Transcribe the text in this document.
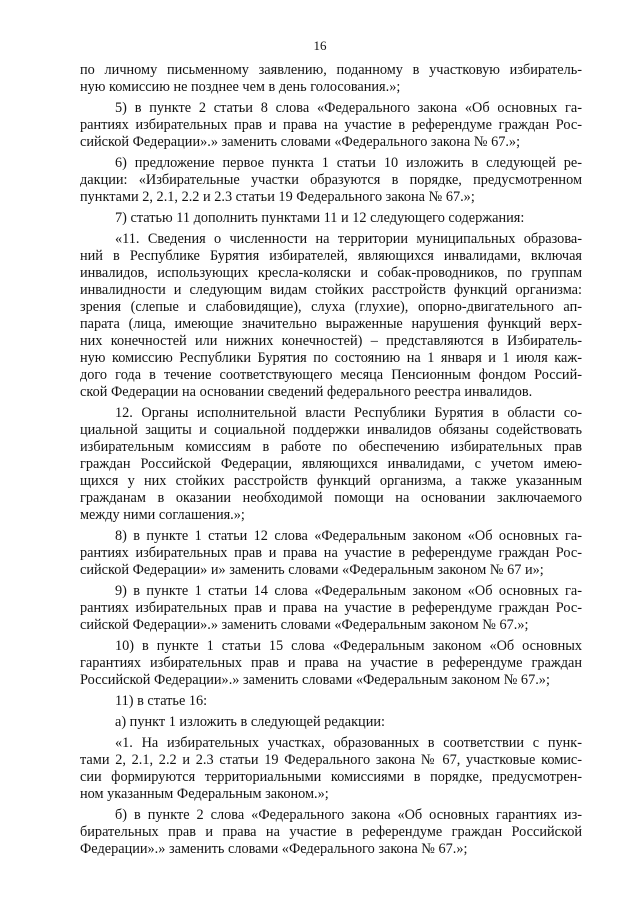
16
по личному письменному заявлению, поданному в участковую избиратель-
ную комиссию не позднее чем в день голосования.»;
5) в пункте 2 статьи 8 слова «Федерального закона «Об основных га-
рантиях избирательных прав и права на участие в референдуме граждан Рос-
сийской Федерации».» заменить словами «Федерального закона № 67.»;
6) предложение первое пункта 1 статьи 10 изложить в следующей ре-
дакции: «Избирательные участки образуются в порядке, предусмотренном
пунктами 2, 2.1, 2.2 и 2.3 статьи 19 Федерального закона № 67.»;
7) статью 11 дополнить пунктами 11 и 12 следующего содержания:
«11. Сведения о численности на территории муниципальных образова-
ний в Республике Бурятия избирателей, являющихся инвалидами, включая
инвалидов, использующих кресла-коляски и собак-проводников, по группам
инвалидности и следующим видам стойких расстройств функций организма:
зрения (слепые и слабовидящие), слуха (глухие), опорно-двигательного ап-
парата (лица, имеющие значительно выраженные нарушения функций верх-
них конечностей или нижних конечностей) – представляются в Избиратель-
ную комиссию Республики Бурятия по состоянию на 1 января и 1 июля каж-
дого года в течение соответствующего месяца Пенсионным фондом Россий-
ской Федерации на основании сведений федерального реестра инвалидов.
12. Органы исполнительной власти Республики Бурятия в области со-
циальной защиты и социальной поддержки инвалидов обязаны содействовать
избирательным комиссиям в работе по обеспечению избирательных прав
граждан Российской Федерации, являющихся инвалидами, с учетом имею-
щихся у них стойких расстройств функций организма, а также указанным
гражданам в оказании необходимой помощи на основании заключаемого
между ними соглашения.»;
8) в пункте 1 статьи 12 слова «Федеральным законом «Об основных га-
рантиях избирательных прав и права на участие в референдуме граждан Рос-
сийской Федерации» и» заменить словами «Федеральным законом № 67 и»;
9) в пункте 1 статьи 14 слова «Федеральным законом «Об основных га-
рантиях избирательных прав и права на участие в референдуме граждан Рос-
сийской Федерации».» заменить словами «Федеральным законом № 67.»;
10) в пункте 1 статьи 15 слова «Федеральным законом «Об основных
гарантиях избирательных прав и права на участие в референдуме граждан
Российской Федерации».» заменить словами «Федеральным законом № 67.»;
11) в статье 16:
а) пункт 1 изложить в следующей редакции:
«1. На избирательных участках, образованных в соответствии с пунк-
тами 2, 2.1, 2.2 и 2.3 статьи 19 Федерального закона № 67, участковые комис-
сии формируются территориальными комиссиями в порядке, предусмотрен-
ном указанным Федеральным законом.»;
б) в пункте 2 слова «Федерального закона «Об основных гарантиях из-
бирательных прав и права на участие в референдуме граждан Российской
Федерации».» заменить словами «Федерального закона № 67.»;
